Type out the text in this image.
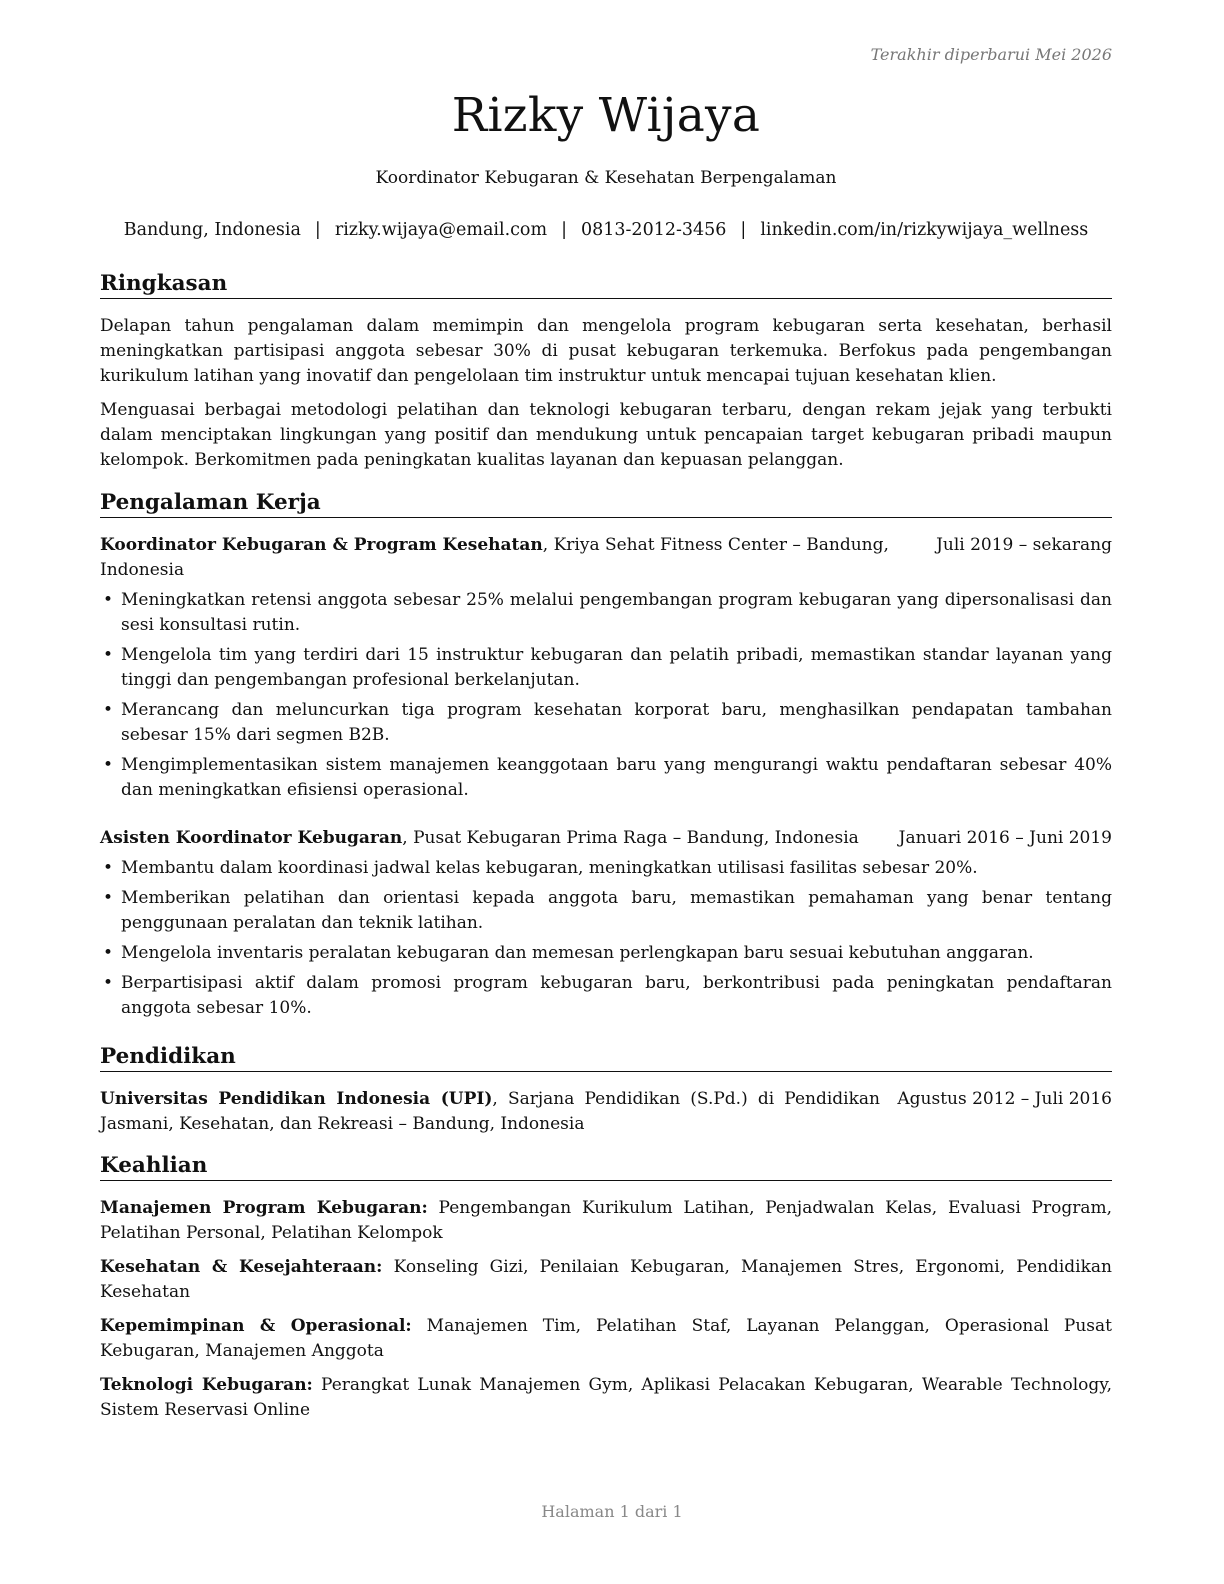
Terakhir diperbarui Mei 2026
Rizky Wijaya
Koordinator Kebugaran & Kesehatan Berpengalaman
Bandung, Indonesia | rizky.wijaya@email.com | 0813-2012-3456 | linkedin.com/in/rizkywijaya_wellness
Ringkasan

Delapan tahun pengalaman dalam memimpin dan mengelola program kebugaran serta kesehatan, berhasil meningkatkan partisipasi anggota sebesar 30% di pusat kebugaran terkemuka. Berfokus pada pengembangan kurikulum latihan yang inovatif dan pengelolaan tim instruktur untuk mencapai tujuan kesehatan klien.

Menguasai berbagai metodologi pelatihan dan teknologi kebugaran terbaru, dengan rekam jejak yang terbukti dalam menciptakan lingkungan yang positif dan mendukung untuk pencapaian target kebugaran pribadi maupun kelompok. Berkomitmen pada peningkatan kualitas layanan dan kepuasan pelanggan.

Pengalaman Kerja
Koordinator Kebugaran & Program Kesehatan, Kriya Sehat Fitness Center – Bandung, Indonesia
Juli 2019 – sekarang
• Meningkatkan retensi anggota sebesar 25% melalui pengembangan program kebugaran yang dipersonalisasi dan sesi konsultasi rutin.
• Mengelola tim yang terdiri dari 15 instruktur kebugaran dan pelatih pribadi, memastikan standar layanan yang tinggi dan pengembangan profesional berkelanjutan.
• Merancang dan meluncurkan tiga program kesehatan korporat baru, menghasilkan pendapatan tambahan sebesar 15% dari segmen B2B.
• Mengimplementasikan sistem manajemen keanggotaan baru yang mengurangi waktu pendaftaran sebesar 40% dan meningkatkan efisiensi operasional.
Asisten Koordinator Kebugaran, Pusat Kebugaran Prima Raga – Bandung, Indonesia	Januari 2016 – Juni 2019
• Membantu dalam koordinasi jadwal kelas kebugaran, meningkatkan utilisasi fasilitas sebesar 20%.
• Memberikan pelatihan dan orientasi kepada anggota baru, memastikan pemahaman yang benar tentang penggunaan peralatan dan teknik latihan.
• Mengelola inventaris peralatan kebugaran dan memesan perlengkapan baru sesuai kebutuhan anggaran.
• Berpartisipasi aktif dalam promosi program kebugaran baru, berkontribusi pada peningkatan pendaftaran anggota sebesar 10%.
Pendidikan
Universitas Pendidikan Indonesia (UPI), Sarjana Pendidikan (S.Pd.) di Pendidikan Jasmani, Kesehatan, dan Rekreasi – Bandung, Indonesia
Agustus 2012 – Juli 2016
Keahlian

Manajemen Program Kebugaran: Pengembangan Kurikulum Latihan, Penjadwalan Kelas, Evaluasi Program, Pelatihan Personal, Pelatihan Kelompok

Kesehatan & Kesejahteraan: Konseling Gizi, Penilaian Kebugaran, Manajemen Stres, Ergonomi, Pendidikan Kesehatan

Kepemimpinan & Operasional: Manajemen Tim, Pelatihan Staf, Layanan Pelanggan, Operasional Pusat Kebugaran, Manajemen Anggota

Teknologi Kebugaran: Perangkat Lunak Manajemen Gym, Aplikasi Pelacakan Kebugaran, Wearable Technology, Sistem Reservasi Online

Halaman 1 dari 1
